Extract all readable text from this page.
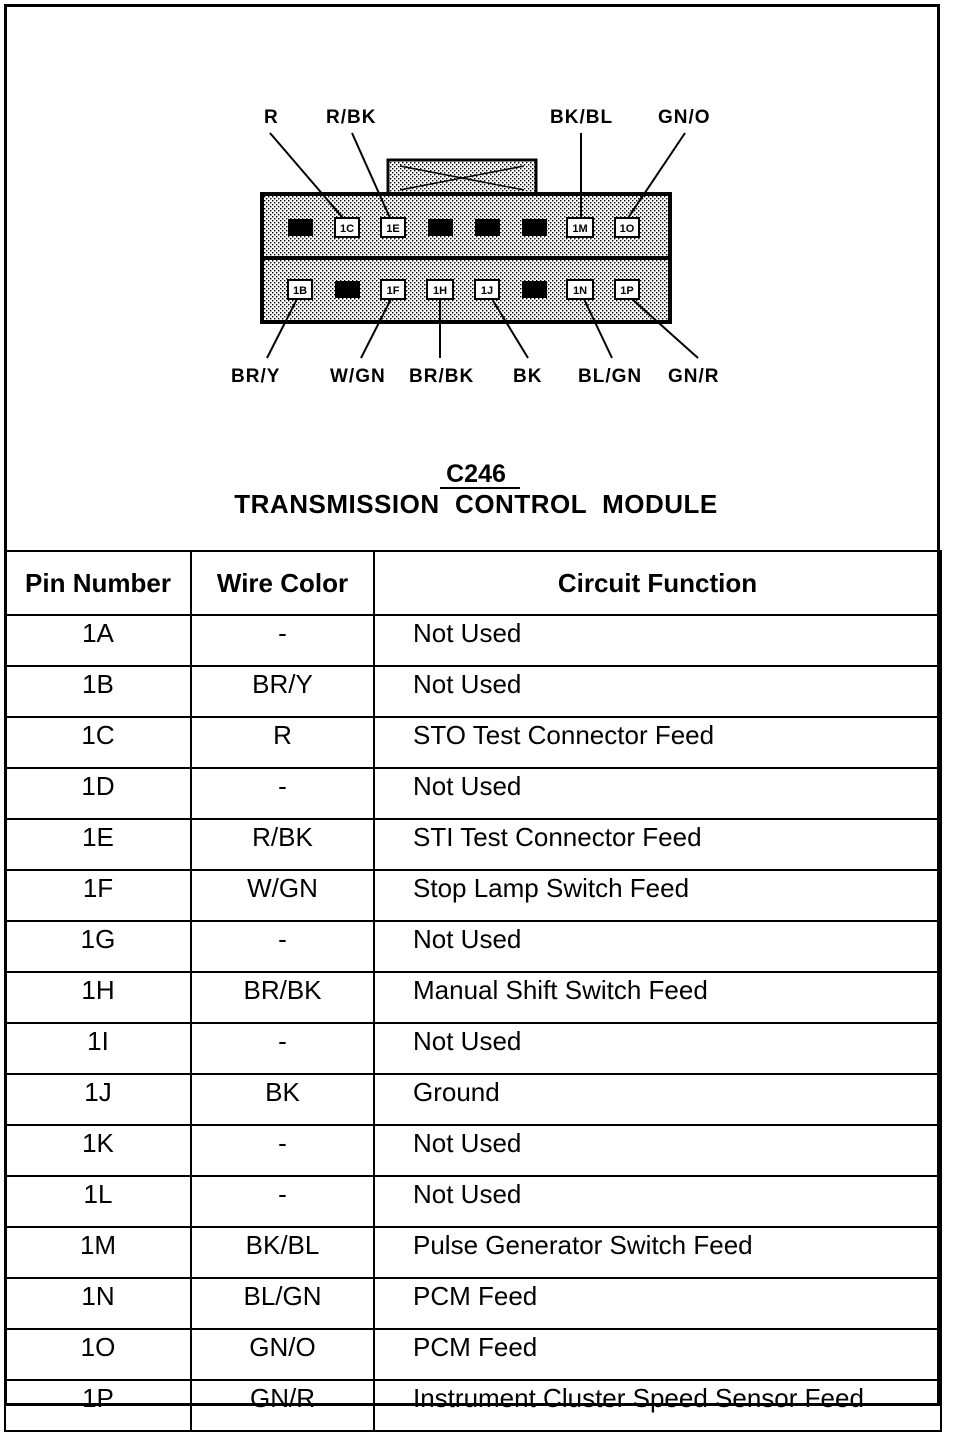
1C	1E	1M	1O
1B	1F	1H	1J	1N	1P
R R/BK	BK/BL GN/O
BR/Y	W/GN BR/BK BK BL/GN GN/R
C246
TRANSMISSION  CONTROL  MODULE
Pin Number	Wire Color	Circuit Function
1A	-	Not Used
1B	BR/Y	Not Used
1C	R	STO Test Connector Feed
1D	-	Not Used
1E	R/BK	STI Test Connector Feed
1F	W/GN	Stop Lamp Switch Feed
1G	-	Not Used
1H	BR/BK	Manual Shift Switch Feed
1I	-	Not Used
1J	BK	Ground
1K	-	Not Used
1L	-	Not Used
1M	BK/BL	Pulse Generator Switch Feed
1N	BL/GN	PCM Feed
1O	GN/O	PCM Feed
1P	GN/R	Instrument Cluster Speed Sensor Feed
